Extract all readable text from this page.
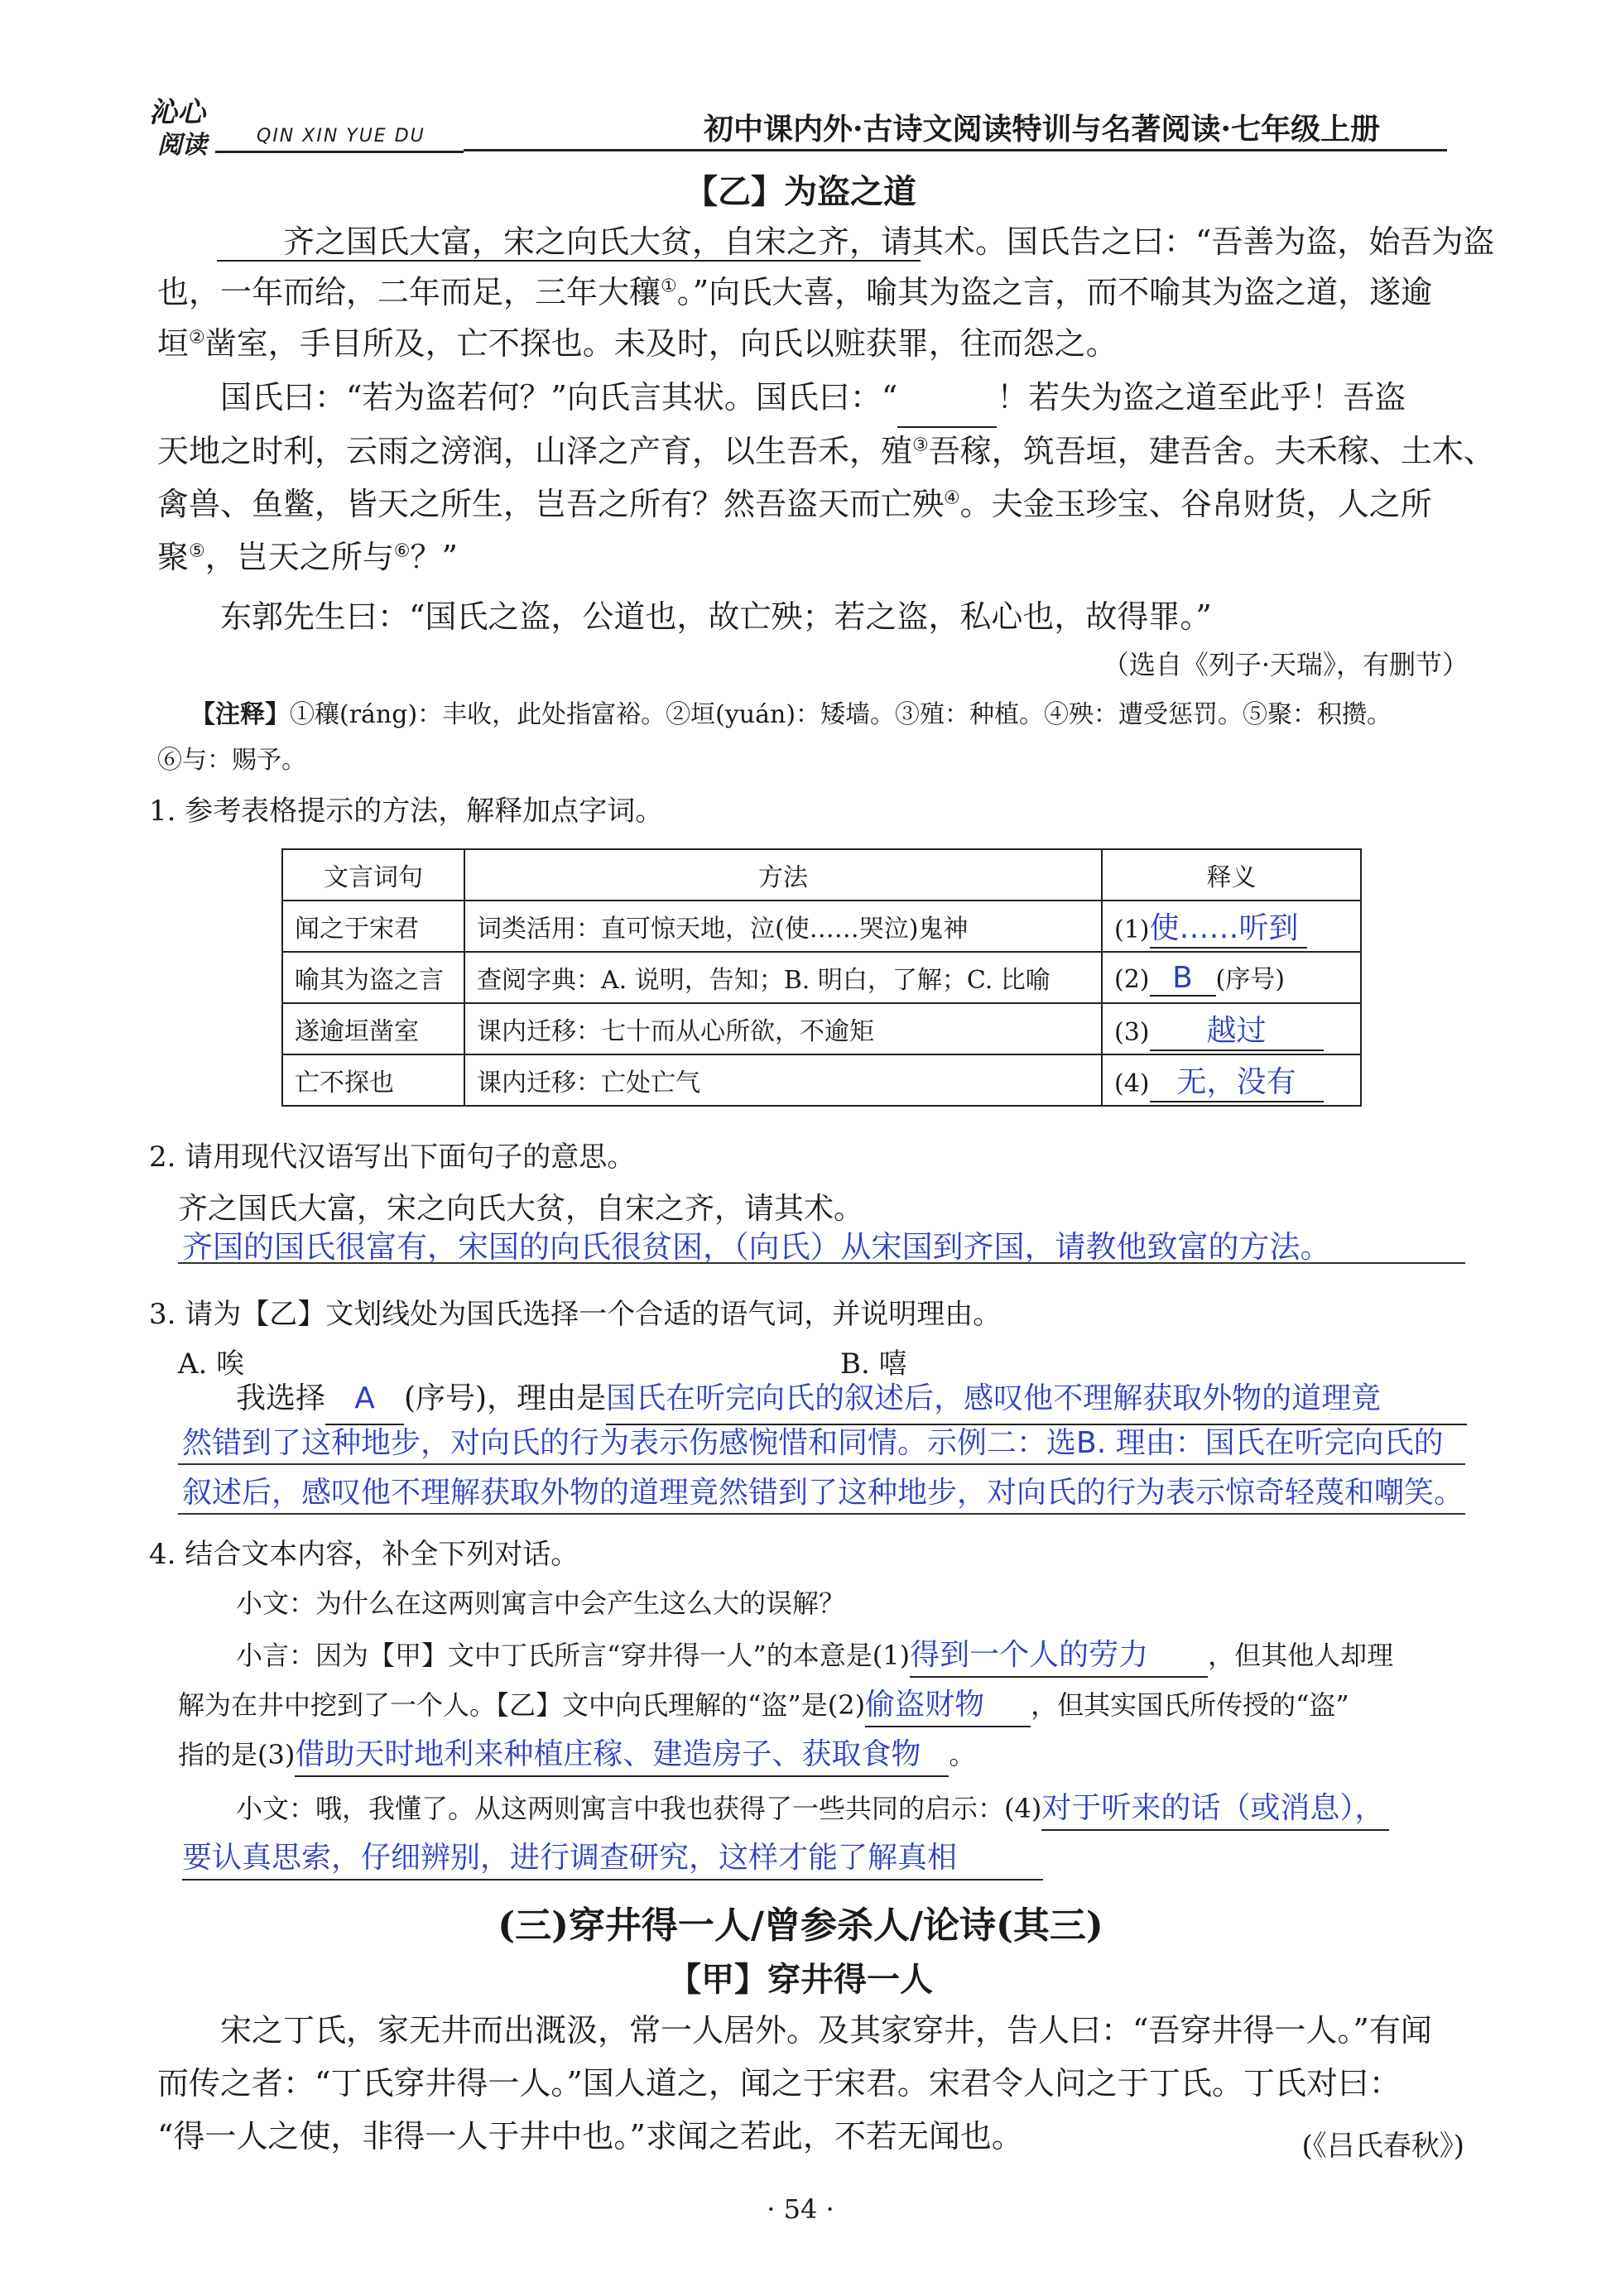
沁心
阅读	QIN XIN YUE DU	初中课内外·古诗文阅读特训与名著阅读·七年级上册
【乙】为盗之道
齐之国氏大富，宋之向氏大贫，自宋之齐，请其术。国氏告之曰：“吾善为盗，始吾为盗
也，一年而给，二年而足，三年大穰①。”向氏大喜，喻其为盗之言，而不喻其为盗之道，遂逾
垣②凿室，手目所及，亡不探也。未及时，向氏以赃获罪，往而怨之。
国氏曰：“若为盗若何？”向氏言其状。国氏曰：“	！若失为盗之道至此乎！吾盗
天地之时利，云雨之滂润，山泽之产育，以生吾禾，殖③吾稼，筑吾垣，建吾舍。夫禾稼、土木、
禽兽、鱼鳖，皆天之所生，岂吾之所有？然吾盗天而亡殃④。夫金玉珍宝、谷帛财货，人之所
聚⑤，岂天之所与⑥？”
东郭先生曰：“国氏之盗，公道也，故亡殃；若之盗，私心也，故得罪。”
（选自《列子·天瑞》，有删节）
【注释】①穰(ráng)：丰收，此处指富裕。②垣(yuán)：矮墙。③殖：种植。④殃：遭受惩罚。⑤聚：积攒。
⑥与：赐予。
1. 参考表格提示的方法，解释加点字词。
文言词句	方法	释义
闻之于宋君	词类活用：直可惊天地，泣(使……哭泣)鬼神	(1)使……听到
喻其为盗之言	查阅字典：A. 说明，告知；B. 明白，了解；C. 比喻	(2) B (序号)
遂逾垣凿室	课内迁移：七十而从心所欲，不逾矩	(3) 越过
亡不探也	课内迁移：亡处亡气	(4) 无，没有
2. 请用现代汉语写出下面句子的意思。
齐之国氏大富，宋之向氏大贫，自宋之齐，请其术。
齐国的国氏很富有，宋国的向氏很贫困，（向氏）从宋国到齐国，请教他致富的方法。
3. 请为【乙】文划线处为国氏选择一个合适的语气词，并说明理由。
A. 唉	B. 嘻
我选择 A (序号)，理由是国氏在听完向氏的叙述后，感叹他不理解获取外物的道理竟
然错到了这种地步，对向氏的行为表示伤感惋惜和同情。示例二：选B. 理由：国氏在听完向氏的
叙述后，感叹他不理解获取外物的道理竟然错到了这种地步，对向氏的行为表示惊奇轻蔑和嘲笑。
4. 结合文本内容，补全下列对话。
小文：为什么在这两则寓言中会产生这么大的误解？
小言：因为【甲】文中丁氏所言“穿井得一人”的本意是(1)得到一个人的劳力 ，但其他人却理
解为在井中挖到了一个人。【乙】文中向氏理解的“盗”是(2)偷盗财物 ，但其实国氏所传授的“盗”
指的是(3)借助天时地利来种植庄稼、建造房子、获取食物 。
小文：哦，我懂了。从这两则寓言中我也获得了一些共同的启示：(4)对于听来的话（或消息），
要认真思索，仔细辨别，进行调查研究，这样才能了解真相
(三)穿井得一人/曾参杀人/论诗(其三)
【甲】穿井得一人
宋之丁氏，家无井而出溉汲，常一人居外。及其家穿井，告人曰：“吾穿井得一人。”有闻
而传之者：“丁氏穿井得一人。”国人道之，闻之于宋君。宋君令人问之于丁氏。丁氏对曰：
“得一人之使，非得一人于井中也。”求闻之若此，不若无闻也。	(《吕氏春秋》)
· 54 ·
